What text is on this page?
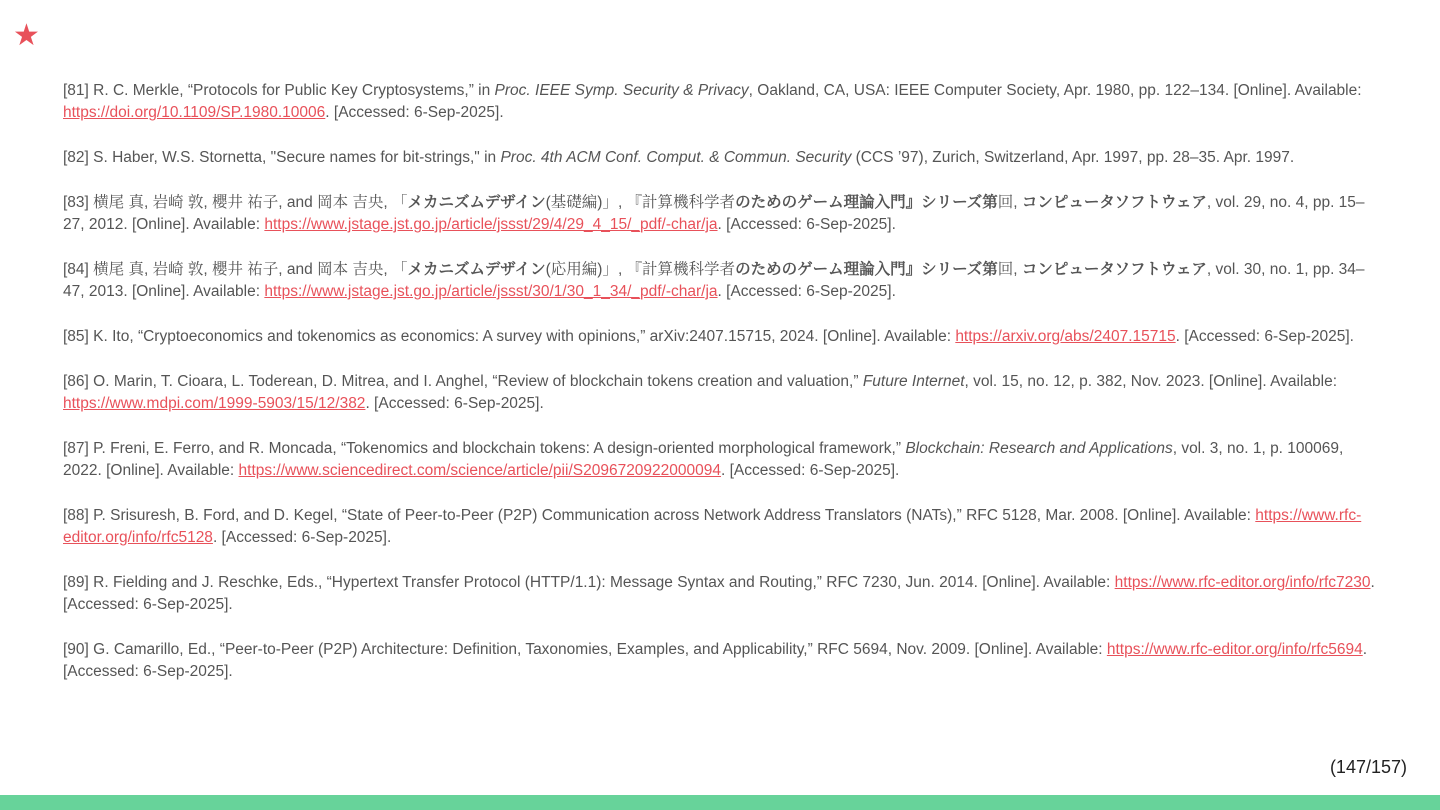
★
[81] R. C. Merkle, “Protocols for Public Key Cryptosystems,” in Proc. IEEE Symp. Security & Privacy, Oakland, CA, USA: IEEE Computer Society, Apr. 1980, pp. 122–134. [Online]. Available: https://doi.org/10.1109/SP.1980.10006. [Accessed: 6-Sep-2025].
[82] S. Haber, W.S. Stornetta, "Secure names for bit-strings," in Proc. 4th ACM Conf. Comput. & Commun. Security (CCS ’97), Zurich, Switzerland, Apr. 1997, pp. 28–35. Apr. 1997.
[83] 横尾 真, 岩崎 敦, 櫻井 祐子, and 岡本 吉央, 「メカニズムデザイン(基礎編)」, 『計算機科学者のためのゲーム理論入門』シリーズ第回, コンピュータソフトウェア, vol. 29, no. 4, pp. 15–27, 2012. [Online]. Available: https://www.jstage.jst.go.jp/article/jssst/29/4/29_4_15/_pdf/-char/ja. [Accessed: 6-Sep-2025].
[84] 横尾 真, 岩崎 敦, 櫻井 祐子, and 岡本 吉央, 「メカニズムデザイン(応用編)」, 『計算機科学者のためのゲーム理論入門』シリーズ第回, コンピュータソフトウェア, vol. 30, no. 1, pp. 34–47, 2013. [Online]. Available: https://www.jstage.jst.go.jp/article/jssst/30/1/30_1_34/_pdf/-char/ja. [Accessed: 6-Sep-2025].
[85] K. Ito, “Cryptoeconomics and tokenomics as economics: A survey with opinions,” arXiv:2407.15715, 2024. [Online]. Available: https://arxiv.org/abs/2407.15715. [Accessed: 6-Sep-2025].
[86] O. Marin, T. Cioara, L. Toderean, D. Mitrea, and I. Anghel, “Review of blockchain tokens creation and valuation,” Future Internet, vol. 15, no. 12, p. 382, Nov. 2023. [Online]. Available: https://www.mdpi.com/1999-5903/15/12/382. [Accessed: 6-Sep-2025].
[87] P. Freni, E. Ferro, and R. Moncada, “Tokenomics and blockchain tokens: A design-oriented morphological framework,” Blockchain: Research and Applications, vol. 3, no. 1, p. 100069, 2022. [Online]. Available: https://www.sciencedirect.com/science/article/pii/S2096720922000094. [Accessed: 6-Sep-2025].
[88] P. Srisuresh, B. Ford, and D. Kegel, “State of Peer-to-Peer (P2P) Communication across Network Address Translators (NATs),” RFC 5128, Mar. 2008. [Online]. Available: https://www.rfc-editor.org/info/rfc5128. [Accessed: 6-Sep-2025].
[89] R. Fielding and J. Reschke, Eds., “Hypertext Transfer Protocol (HTTP/1.1): Message Syntax and Routing,” RFC 7230, Jun. 2014. [Online]. Available: https://www.rfc-editor.org/info/rfc7230. [Accessed: 6-Sep-2025].
[90] G. Camarillo, Ed., “Peer-to-Peer (P2P) Architecture: Definition, Taxonomies, Examples, and Applicability,” RFC 5694, Nov. 2009. [Online]. Available: https://www.rfc-editor.org/info/rfc5694. [Accessed: 6-Sep-2025].
(147/157)
